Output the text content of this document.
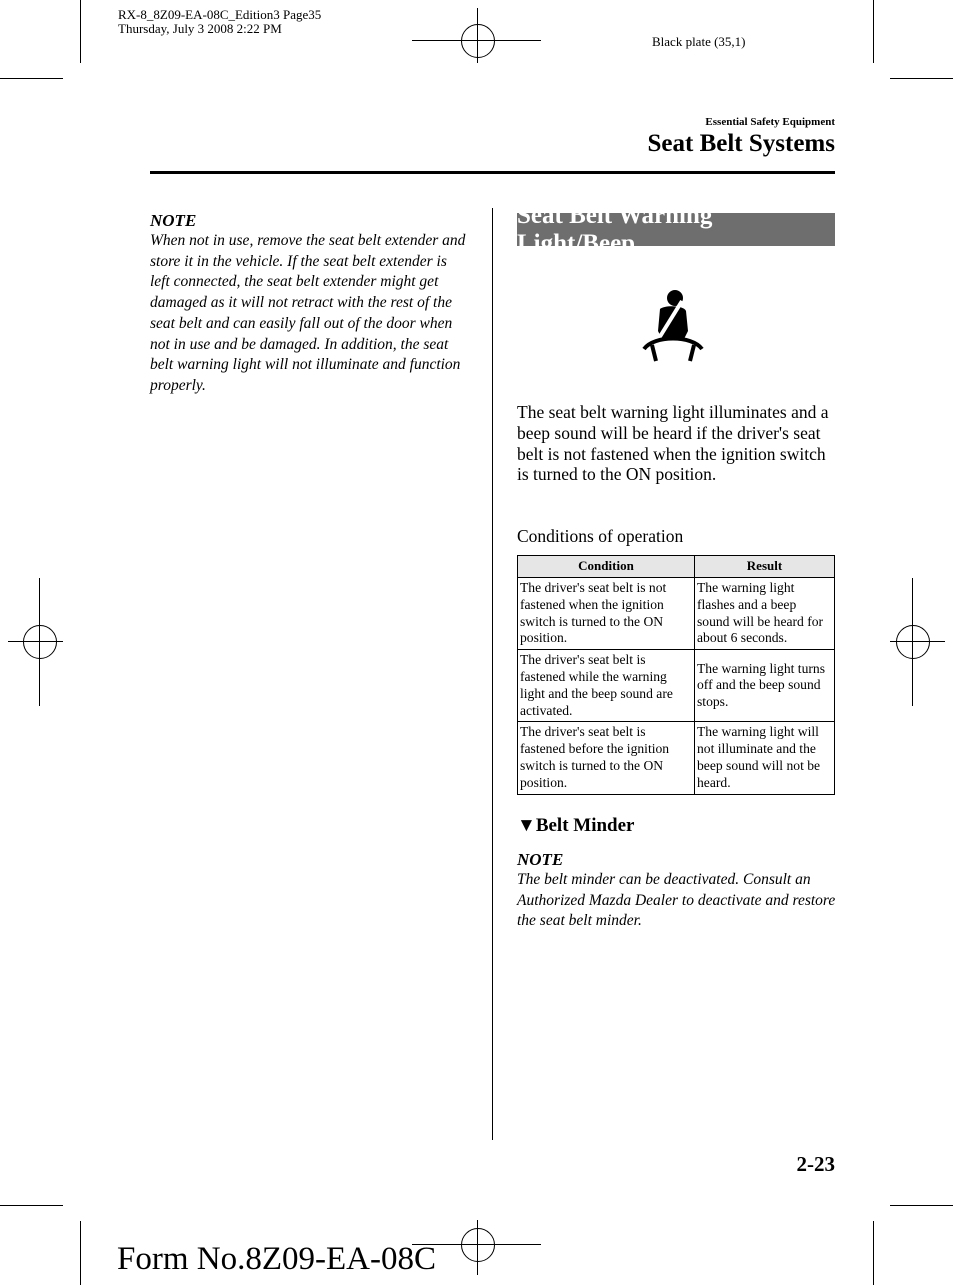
RX-8_8Z09-EA-08C_Edition3 Page35
Thursday, July 3 2008 2:22 PM
Black plate (35,1)
Essential Safety Equipment
Seat Belt Systems
NOTE
When not in use, remove the seat belt extender and store it in the vehicle. If the seat belt extender is left connected, the seat belt extender might get damaged as it will not retract with the rest of the seat belt and can easily fall out of the door when not in use and be damaged. In addition, the seat belt warning light will not illuminate and function properly.
Seat Belt Warning Light/Beep
The seat belt warning light illuminates and a beep sound will be heard if the driver's seat belt is not fastened when the ignition switch is turned to the ON position.
Conditions of operation
Condition	Result
The driver's seat belt is not fastened when the ignition switch is turned to the ON position.	The warning light flashes and a beep sound will be heard for about 6 seconds.
The driver's seat belt is fastened while the warning light and the beep sound are activated.	The warning light turns off and the beep sound stops.
The driver's seat belt is fastened before the ignition switch is turned to the ON position.	The warning light will not illuminate and the beep sound will not be heard.
▼Belt Minder
NOTE
The belt minder can be deactivated. Consult an Authorized Mazda Dealer to deactivate and restore the seat belt minder.
2-23
Form No.8Z09-EA-08C
